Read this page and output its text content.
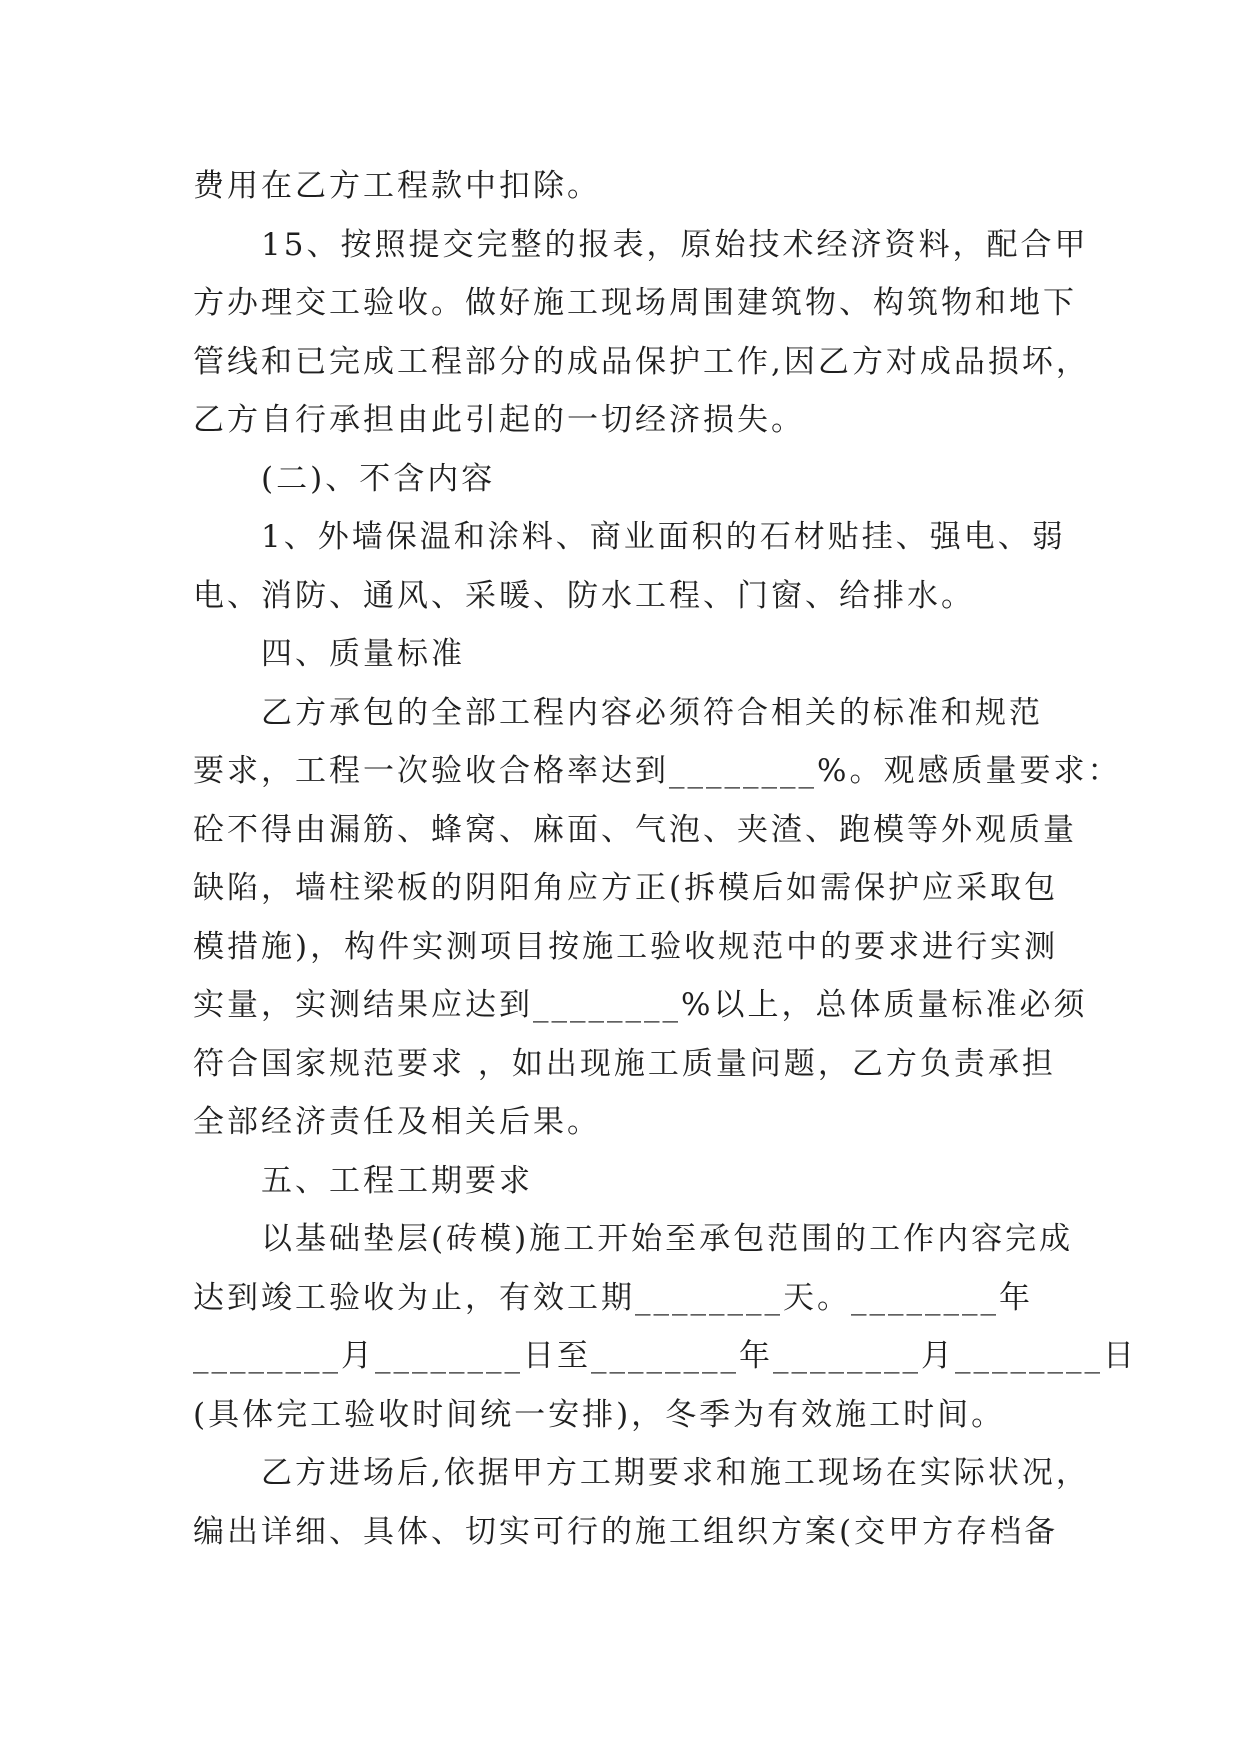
费用在乙方工程款中扣除。
15、按照提交完整的报表，原始技术经济资料，配合甲
方办理交工验收。做好施工现场周围建筑物、构筑物和地下
管线和已完成工程部分的成品保护工作,因乙方对成品损坏，
乙方自行承担由此引起的一切经济损失。
(二)、不含内容
1、外墙保温和涂料、商业面积的石材贴挂、强电、弱
电、消防、通风、采暖、防水工程、门窗、给排水。
四、质量标准
乙方承包的全部工程内容必须符合相关的标准和规范
要求，工程一次验收合格率达到________%。观感质量要求：
砼不得由漏筋、蜂窝、麻面、气泡、夹渣、跑模等外观质量
缺陷，墙柱梁板的阴阳角应方正(拆模后如需保护应采取包
模措施)，构件实测项目按施工验收规范中的要求进行实测
实量，实测结果应达到________%以上，总体质量标准必须
符合国家规范要求 ，如出现施工质量问题，乙方负责承担
全部经济责任及相关后果。
五、工程工期要求
以基础垫层(砖模)施工开始至承包范围的工作内容完成
达到竣工验收为止，有效工期________天。________年
________月________日至________年________月________日
(具体完工验收时间统一安排)，冬季为有效施工时间。
乙方进场后,依据甲方工期要求和施工现场在实际状况，
编出详细、具体、切实可行的施工组织方案(交甲方存档备
